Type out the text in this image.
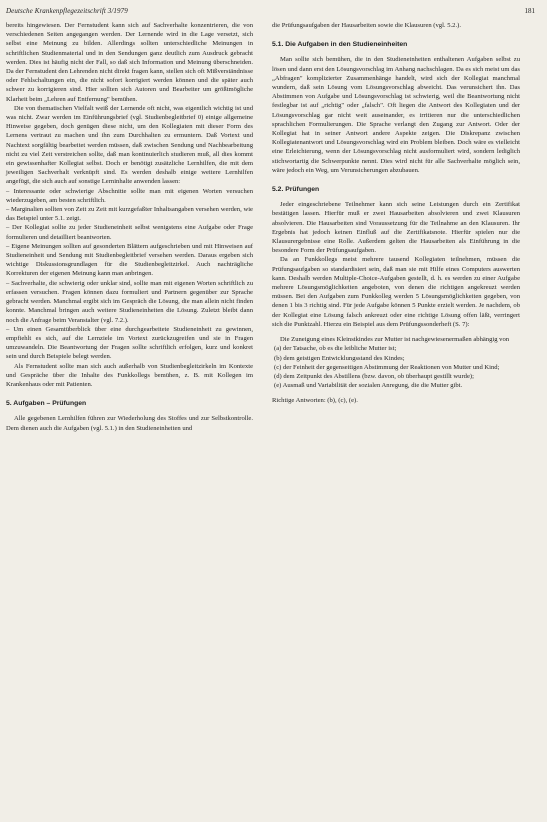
Deutsche Krankenpflegezeitschrift 3/1979	181

bereits hingewiesen. Der Fernstudent kann sich auf Sachverhalte konzentrieren, die von verschiedenen Seiten angegangen werden. Der Lernende wird in die Lage versetzt, sich selbst eine Meinung zu bilden. Allerdings sollten unterschiedliche Meinungen in schriftlichen Studienmaterial und in den Sendungen ganz deutlich zum Ausdruck gebracht werden. Dies ist häufig nicht der Fall, so daß sich Information und Meinung überschneiden. Da der Fernstudent den Lehrenden nicht direkt fragen kann, stellen sich oft Mißverständnisse oder Fehlschaltungen ein, die nicht sofort korrigiert werden können und die später auch schwer zu korrigieren sind. Hier sollten sich Autoren und Bearbeiter um größtmögliche Klarheit beim „Lehren auf Entfernung" bemühen.

Die von thematischen Vielfalt weiß der Lernende oft nicht, was eigentlich wichtig ist und was nicht. Zwar werden im Einführungsbrief (vgl. Studienbegleitbrief 0) einige allgemeine Hinweise gegeben, doch genügen diese nicht, um den Kollegiaten mit dieser Form des Lernens vertraut zu machen und ihn zum Durchhalten zu ermuntern. Daß Vortext und Nachtext sorgfältig bearbeitet werden müssen, daß zwischen Sendung und Nachbearbeitung nicht zu viel Zeit verstreichen sollte, daß man kontinuierlich studieren muß, all dies kommt ein gewissenhafter Kollegiat selbst. Doch er benötigt zusätzliche Lernhilfen, die mit dem jeweiligen Sachverhalt verknüpft sind. Es werden deshalb einige weitere Lernhilfen angefügt, die sich auch auf sonstige Lerninhalte anwenden lassen:

– Interessante oder schwierige Abschnitte sollte man mit eigenen Worten versuchen wiederzugeben, am besten schriftlich.

– Marginalien sollten von Zeit zu Zeit mit kurzgefaßter Inhaltsangaben versehen werden, wie das Beispiel unter 5.1. zeigt.

– Der Kollegiat sollte zu jeder Studieneinheit selbst wenigstens eine Aufgabe oder Frage formulieren und detailliert beantworten.

– Eigene Meinungen sollten auf gesonderten Blättern aufgeschrieben und mit Hinweisen auf Studieneinheit und Sendung mit Studienbegleitbrief versehen werden. Daraus ergeben sich wichtige Diskussionsgrundlagen für die Studienbegleitzirkel. Auch nachträgliche Korrekturen der eigenen Meinung kann man anbringen.

– Sachverhalte, die schwierig oder unklar sind, sollte man mit eigenen Worten schriftlich zu erfassen versuchen. Fragen können dazu formuliert und Partnern gegenüber zur Sprache gebracht werden. Manchmal ergibt sich im Gespräch die Lösung, die man allein nicht finden konnte. Manchmal bringen auch weitere Studieneinheiten die Lösung. Zuletzt bleibt dann noch die Anfrage beim Veranstalter (vgl. 7.2.).

– Um einen Gesamtüberblick über eine durchgearbeitete Studieneinheit zu gewinnen, empfiehlt es sich, auf die Lernziele im Vortext zurückzugreifen und sie in Fragen umzuwandeln. Die Beantwortung der Fragen sollte schriftlich erfolgen, kurz und konkret sein und durch Beispiele belegt werden.

Als Fernstudent sollte man sich auch außerhalb von Studienbegleitzirkeln im Kontexte und Gespräche über die Inhalte des Funkkollegs bemühen, z. B. mit Kollegen im Krankenhaus oder mit Patienten.

5. Aufgaben – Prüfungen

Alle gegebenen Lernhilfen führen zur Wiederholung des Stoffes und zur Selbstkontrolle. Dem dienen auch die Aufgaben (vgl. 5.1.) in den Studieneinheiten und

die Prüfungsaufgaben der Hausarbeiten sowie die Klausuren (vgl. 5.2.).

5.1. Die Aufgaben in den Studieneinheiten

Man sollte sich bemühen, die in den Studieneinheiten enthaltenen Aufgaben selbst zu lösen und dann erst den Lösungsvorschlag im Anhang nachschlagen. Da es sich meist um das „Abfragen" komplizierter Zusammenhänge handelt, wird sich der Kollegiat manchmal wundern, daß sein Lösung vom Lösungsvorschlag abweicht. Das verunsichert ihn. Das Abstimmen von Aufgabe und Lösungsvorschlag ist schwierig, weil die Beantwortung nicht festlegbar ist auf „richtig" oder „falsch". Oft liegen die Antwort des Kollegiaten und der Lösungsvorschlag gar nicht weit auseinander, es irritieren nur die unterschiedlichen sprachlichen Formulierungen. Die Sprache verlangt den Zugang zur Antwort. Oder der Kollegiat hat in seiner Antwort andere Aspekte zeigen. Die Diskrepanz zwischen Kollegiatenantwort und Lösungsvorschlag wird ein Problem bleiben. Doch wäre es vielleicht eine Erleichterung, wenn der Lösungsvorschlag nicht ausformuliert wird, sondern lediglich stichwortartig die Schwerpunkte nennt. Dies wird nicht für alle Sachverhalte möglich sein, wäre jedoch ein Weg, um Verunsicherungen abzubauen.

5.2. Prüfungen

Jeder eingeschriebene Teilnehmer kann sich seine Leistungen durch ein Zertifikat bestätigen lassen. Hierfür muß er zwei Hausarbeiten absolvieren und zwei Klausuren absolvieren. Die Hausarbeiten sind Voraussetzung für die Teilnahme an den Klausuren. Ihr Ergebnis hat jedoch keinen Einfluß auf die Zertifikatsnote. Hierfür spielen nur die Klausurergebnisse eine Rolle. Außerdem gelten die Hausarbeiten als Einführung in die besondere Form der Prüfungsaufgaben.

Da an Funkkollegs meist mehrere tausend Kollegiaten teilnehmen, müssen die Prüfungsaufgaben so standardisiert sein, daß man sie mit Hilfe eines Computers auswerten kann. Deshalb werden Multiple-Choice-Aufgaben gestellt, d. h. es werden zu einer Aufgabe mehrere Lösungsmöglichkeiten angeboten, von denen die richtigen angekreuzt werden müssen. Bei den Aufgaben zum Funkkolleg werden 5 Lösungsmöglichkeiten gegeben, von denen 1 bis 3 richtig sind. Für jede Aufgabe können 5 Punkte erzielt werden. Je nachdem, ob der Kollegiat eine Lösung falsch ankreuzt oder eine richtige Lösung offen läßt, verringert sich die Punktzahl. Hierzu ein Beispiel aus dem Prüfungssonderheft (S. 7):

Die Zuneigung eines Kleinstkindes zur Mutter ist nachgewiesenermaßen abhängig von

(a) der Tatsache, ob es die leibliche Mutter ist;

(b) dem geistigen Entwicklungsstand des Kindes;

(c) der Feinheit der gegenseitigen Abstimmung der Reaktionen von Mutter und Kind;

(d) dem Zeitpunkt des Abstillens (bzw. davon, ob überhaupt gestillt wurde);

(e) Ausmaß und Variabilität der sozialen Anregung, die die Mutter gibt.

Richtige Antworten: (b), (c), (e).
